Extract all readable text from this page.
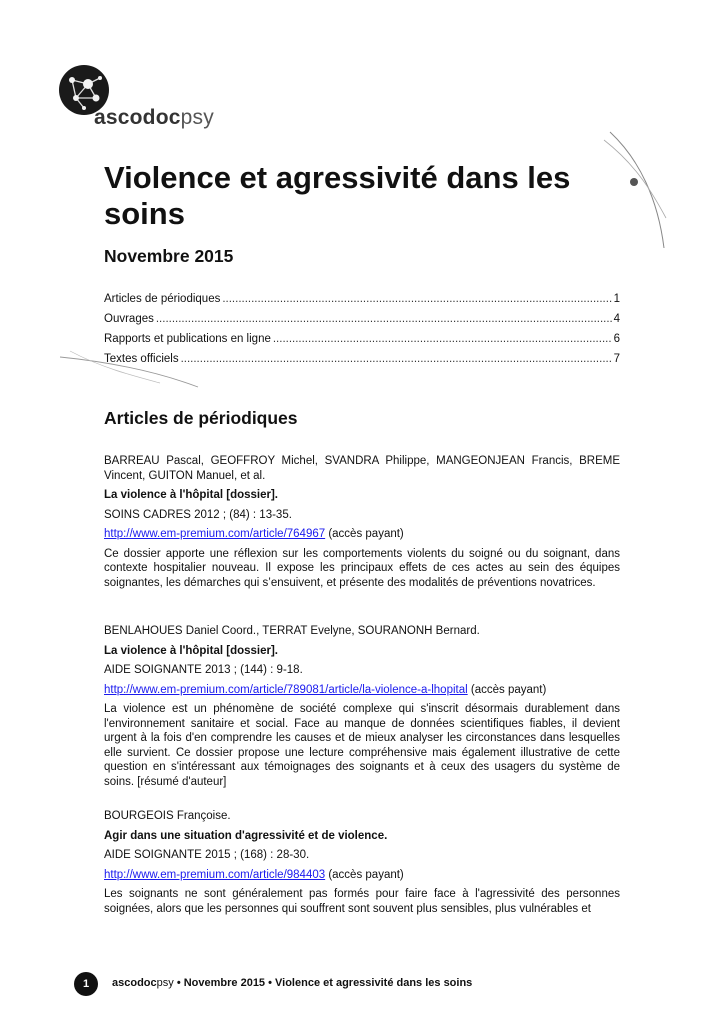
ascodocpsy
Violence et agressivité dans les soins
Novembre 2015
Articles de périodiques .....	1
Ouvrages .....	4
Rapports et publications en ligne .....	6
Textes officiels .....	7
Articles de périodiques

BARREAU Pascal, GEOFFROY Michel, SVANDRA Philippe, MANGEONJEAN Francis, BREME Vincent, GUITON Manuel, et al.

La violence à l'hôpital [dossier].

SOINS CADRES 2012 ; (84) : 13-35.

http://www.em-premium.com/article/764967 (accès payant)

Ce dossier apporte une réflexion sur les comportements violents du soigné ou du soignant, dans contexte hospitalier nouveau. Il expose les principaux effets de ces actes au sein des équipes soignantes, les démarches qui s’ensuivent, et présente des modalités de préventions novatrices.

BENLAHOUES Daniel Coord., TERRAT Evelyne, SOURANONH Bernard.

La violence à l'hôpital [dossier].

AIDE SOIGNANTE 2013 ; (144) : 9-18.

http://www.em-premium.com/article/789081/article/la-violence-a-lhopital (accès payant)

La violence est un phénomène de société complexe qui s'inscrit désormais durablement dans l'environnement sanitaire et social. Face au manque de données scientifiques fiables, il devient urgent à la fois d'en comprendre les causes et de mieux analyser les circonstances dans lesquelles elle survient. Ce dossier propose une lecture compréhensive mais également illustrative de cette question en s'intéressant aux témoignages des soignants et à ceux des usagers du système de soins. [résumé d'auteur]

BOURGEOIS Françoise.

Agir dans une situation d'agressivité et de violence.

AIDE SOIGNANTE 2015 ; (168) : 28-30.

http://www.em-premium.com/article/984403 (accès payant)

Les soignants ne sont généralement pas formés pour faire face à l'agressivité des personnes soignées, alors que les personnes qui souffrent sont souvent plus sensibles, plus vulnérables et

1	ascodocpsy • Novembre 2015 • Violence et agressivité dans les soins
